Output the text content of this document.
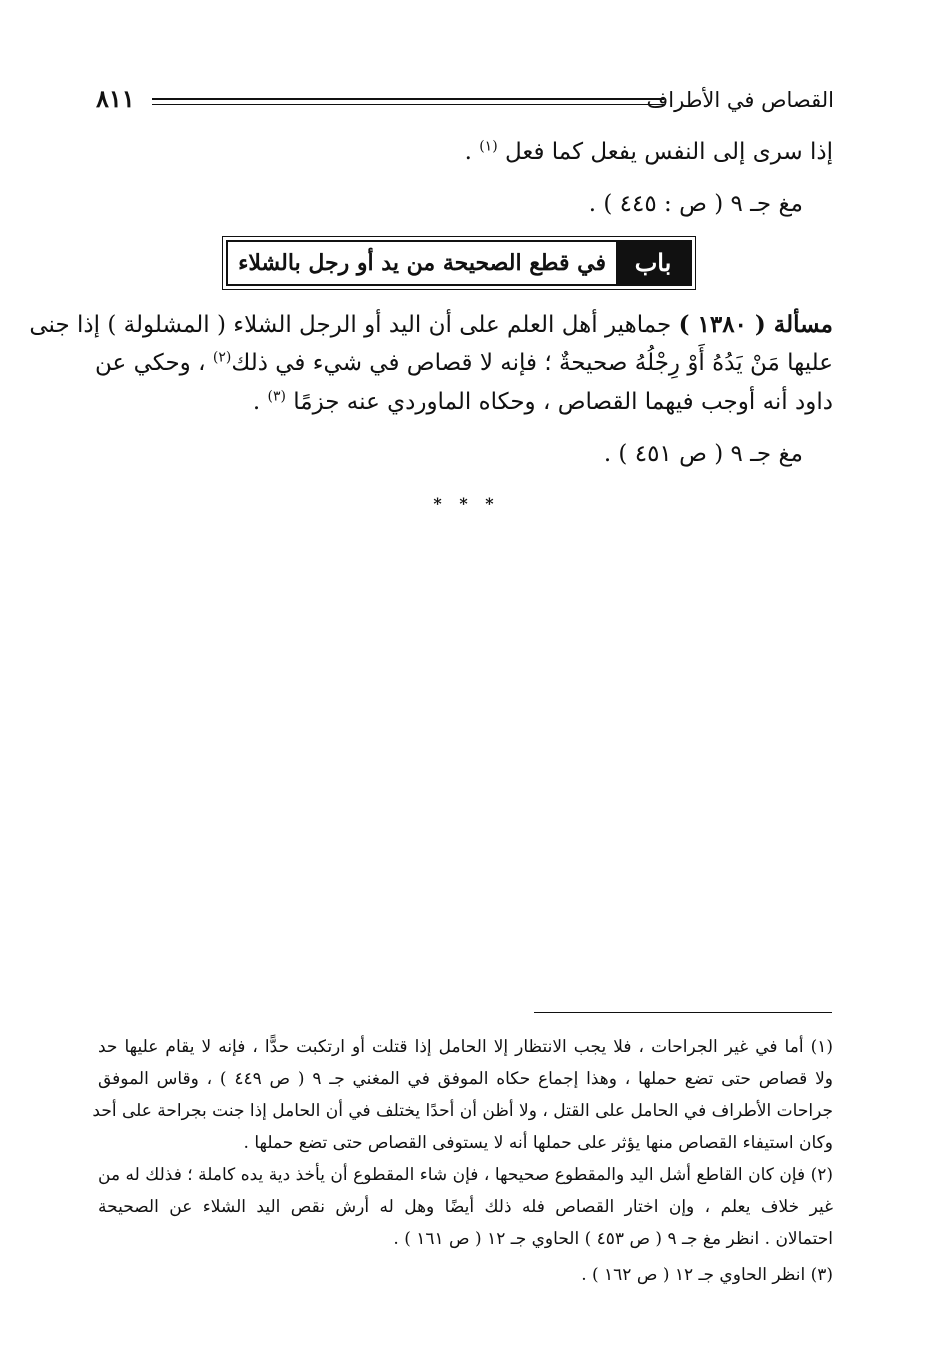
القصاص في الأطراف
٨١١
إذا سرى إلى النفس يفعل كما فعل $^{(١)}$ .
مغ جـ ٩ ( ص : ٤٤٥ ) .
باب
في قطع الصحيحة من يد أو رجل بالشلاء
مسألة ( ١٣٨٠ ) جماهير أهل العلم على أن اليد أو الرجل الشلاء ( المشلولة ) إذا جنى
عليها مَنْ يَدُهُ أَوْ رِجْلُهُ صحيحةٌ ؛ فإنه لا قصاص في شيء في ذلك$^{(٢)}$ ، وحكي عن
داود أنه أوجب فيهما القصاص ، وحكاه الماوردي عنه جزمًا $^{(٣)}$ .
مغ جـ ٩ ( ص ٤٥١ ) .
* * *
(١) أما في غير الجراحات ، فلا يجب الانتظار إلا الحامل إذا قتلت أو ارتكبت حدًّا ، فإنه لا يقام عليها حد
ولا قصاص حتى تضع حملها ، وهذا إجماع حكاه الموفق في المغني جـ ٩ ( ص ٤٤٩ ) ، وقاس الموفق
جراحات الأطراف في الحامل على القتل ، ولا أظن أن أحدًا يختلف في أن الحامل إذا جنت بجراحة على أحد
وكان استيفاء القصاص منها يؤثر على حملها أنه لا يستوفى القصاص حتى تضع حملها .
(٢) فإن كان القاطع أشل اليد والمقطوع صحيحها ، فإن شاء المقطوع أن يأخذ دية يده كاملة ؛ فذلك له من
غير خلاف يعلم ، وإن اختار القصاص فله ذلك أيضًا وهل له أرش نقص اليد الشلاء عن الصحيحة
احتمالان . انظر مغ جـ ٩ ( ص ٤٥٣ ) الحاوي جـ ١٢ ( ص ١٦١ ) .
(٣) انظر الحاوي جـ ١٢ ( ص ١٦٢ ) .
